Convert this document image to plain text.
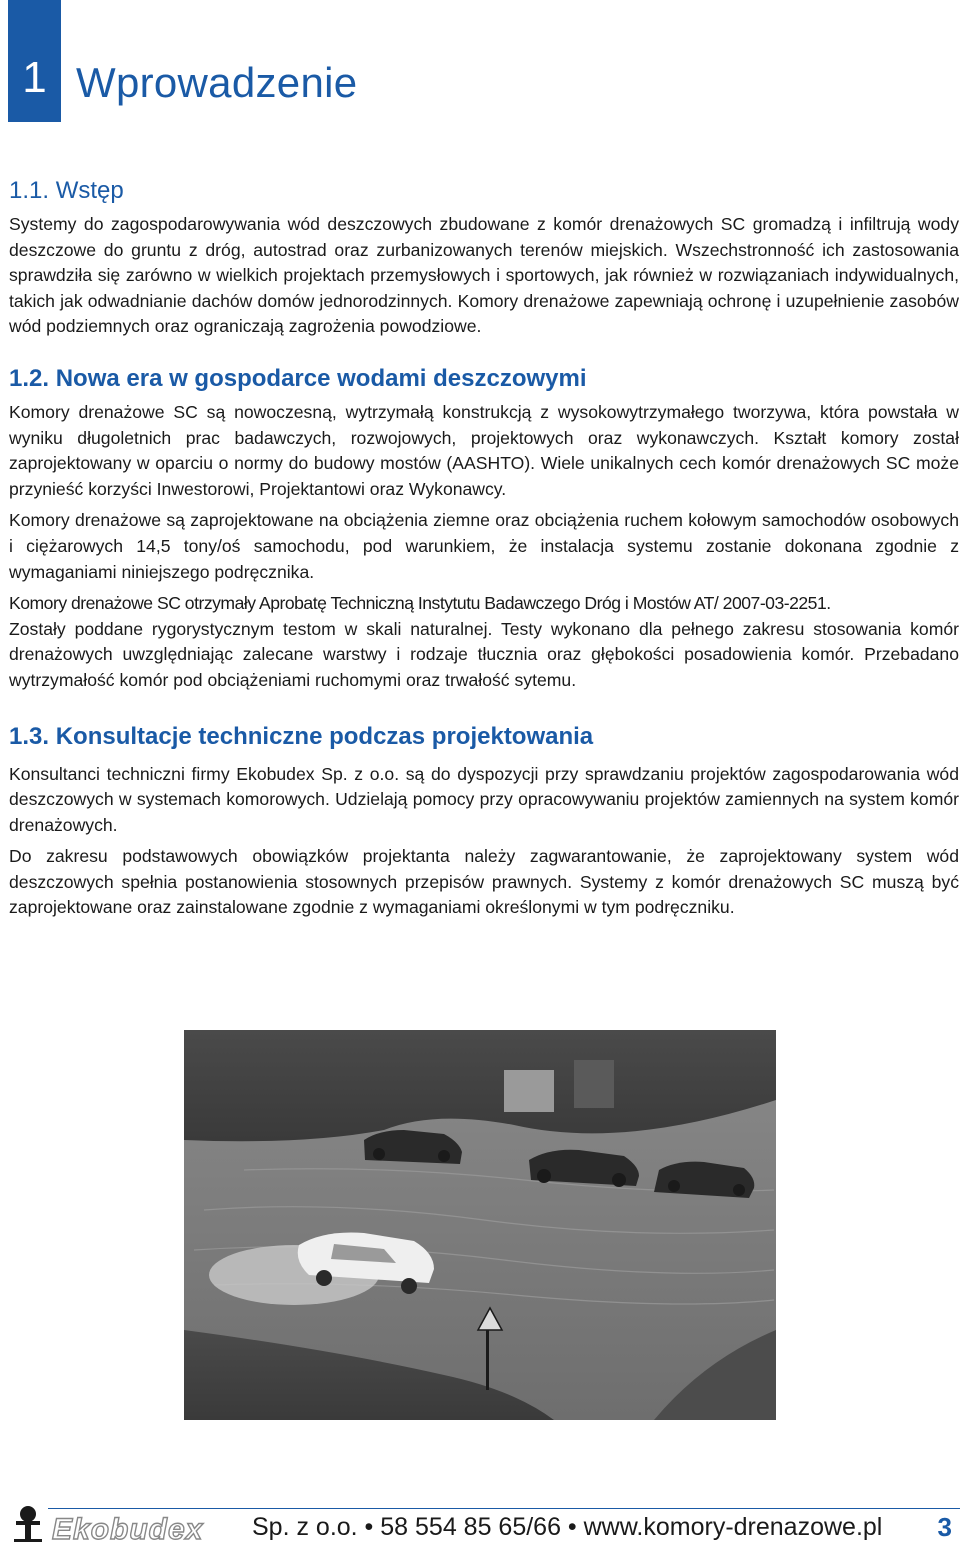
1 Wprowadzenie
1.1. Wstęp

Systemy do zagospodarowywania wód deszczowych zbudowane z komór drenażowych SC gromadzą i infiltrują wody deszczowe do gruntu z dróg, autostrad oraz zurbanizowanych terenów miejskich. Wszechstronność ich zastosowania sprawdziła się zarówno w wielkich projektach przemysłowych i sportowych, jak również w rozwiązaniach indywidualnych, takich jak odwadnianie dachów domów jednorodzinnych. Komory drenażowe zapewniają ochronę i uzupełnienie zasobów wód podziemnych oraz ograniczają zagrożenia powodziowe.

1.2. Nowa era w gospodarce wodami deszczowymi

Komory drenażowe SC są nowoczesną, wytrzymałą konstrukcją z wysokowytrzymałego tworzywa, która powstała w wyniku długoletnich prac badawczych, rozwojowych, projektowych oraz wykonawczych. Kształt komory został zaprojektowany w oparciu o normy do budowy mostów (AASHTO). Wiele unikalnych cech komór drenażowych SC może przynieść korzyści Inwestorowi, Projektantowi oraz Wykonawcy.

Komory drenażowe są zaprojektowane na obciążenia ziemne oraz obciążenia ruchem kołowym samochodów osobowych i ciężarowych 14,5 tony/oś samochodu, pod warunkiem, że instalacja systemu zostanie dokonana zgodnie z wymaganiami niniejszego podręcznika.

Komory drenażowe SC otrzymały Aprobatę Techniczną Instytutu Badawczego Dróg i Mostów AT/ 2007-03-2251.

Zostały poddane rygorystycznym testom w skali naturalnej. Testy wykonano dla pełnego zakresu stosowania komór drenażowych uwzględniając zalecane warstwy i rodzaje tłucznia oraz głębokości posadowienia komór. Przebadano wytrzymałość komór pod obciążeniami ruchomymi oraz trwałość sytemu.

1.3. Konsultacje techniczne podczas projektowania

Konsultanci techniczni firmy Ekobudex Sp. z o.o. są do dyspozycji przy sprawdzaniu projektów zagospodarowania wód deszczowych w systemach komorowych. Udzielają pomocy przy opracowywaniu projektów zamiennych na system komór drenażowych.

Do zakresu podstawowych obowiązków projektanta należy zagwarantowanie, że zaprojektowany system wód deszczowych spełnia postanowienia stosownych przepisów prawnych. Systemy z komór drenażowych SC muszą być zaprojektowane oraz zainstalowane zgodnie z wymaganiami określonymi w tym podręczniku.

Ekobudex Sp. z o.o. • 58 554 85 65/66 • www.komory-drenazowe.pl 3
